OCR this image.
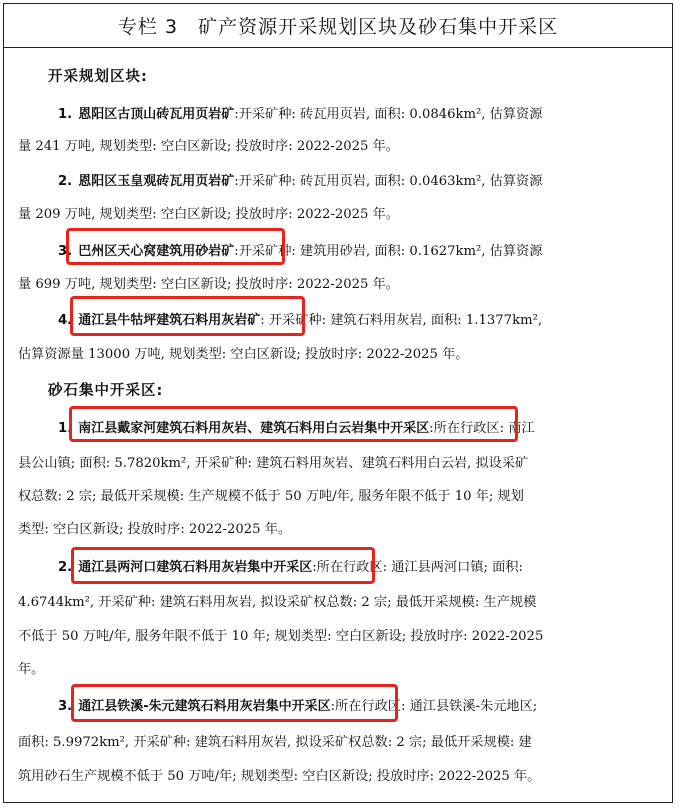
专栏 3 矿产资源开采规划区块及砂石集中开采区
开采规划区块:
1. 恩阳区古顶山砖瓦用页岩矿:开采矿种: 砖瓦用页岩, 面积: 0.0846km², 估算资源
量 241 万吨, 规划类型: 空白区新设; 投放时序: 2022-2025 年。
2. 恩阳区玉皇观砖瓦用页岩矿:开采矿种: 砖瓦用页岩, 面积: 0.0463km², 估算资源
量 209 万吨, 规划类型: 空白区新设; 投放时序: 2022-2025 年。
3. 巴州区天心窝建筑用砂岩矿:开采矿种: 建筑用砂岩, 面积: 0.1627km², 估算资源
量 699 万吨, 规划类型: 空白区新设; 投放时序: 2022-2025 年。
4. 通江县牛牯坪建筑石料用灰岩矿: 开采矿种: 建筑石料用灰岩, 面积: 1.1377km²,
估算资源量 13000 万吨, 规划类型: 空白区新设; 投放时序: 2022-2025 年。
砂石集中开采区:
1. 南江县戴家河建筑石料用灰岩、建筑石料用白云岩集中开采区:所在行政区: 南江
县公山镇; 面积: 5.7820km², 开采矿种: 建筑石料用灰岩、建筑石料用白云岩, 拟设采矿
权总数: 2 宗; 最低开采规模: 生产规模不低于 50 万吨/年, 服务年限不低于 10 年; 规划
类型: 空白区新设; 投放时序: 2022-2025 年。
2. 通江县两河口建筑石料用灰岩集中开采区:所在行政区: 通江县两河口镇; 面积:
4.6744km², 开采矿种: 建筑石料用灰岩, 拟设采矿权总数: 2 宗; 最低开采规模: 生产规模
不低于 50 万吨/年, 服务年限不低于 10 年; 规划类型: 空白区新设; 投放时序: 2022-2025
年。
3. 通江县铁溪-朱元建筑石料用灰岩集中开采区:所在行政区: 通江县铁溪-朱元地区;
面积: 5.9972km², 开采矿种: 建筑石料用灰岩, 拟设采矿权总数: 2 宗; 最低开采规模: 建
筑用砂石生产规模不低于 50 万吨/年; 规划类型: 空白区新设; 投放时序: 2022-2025 年。
